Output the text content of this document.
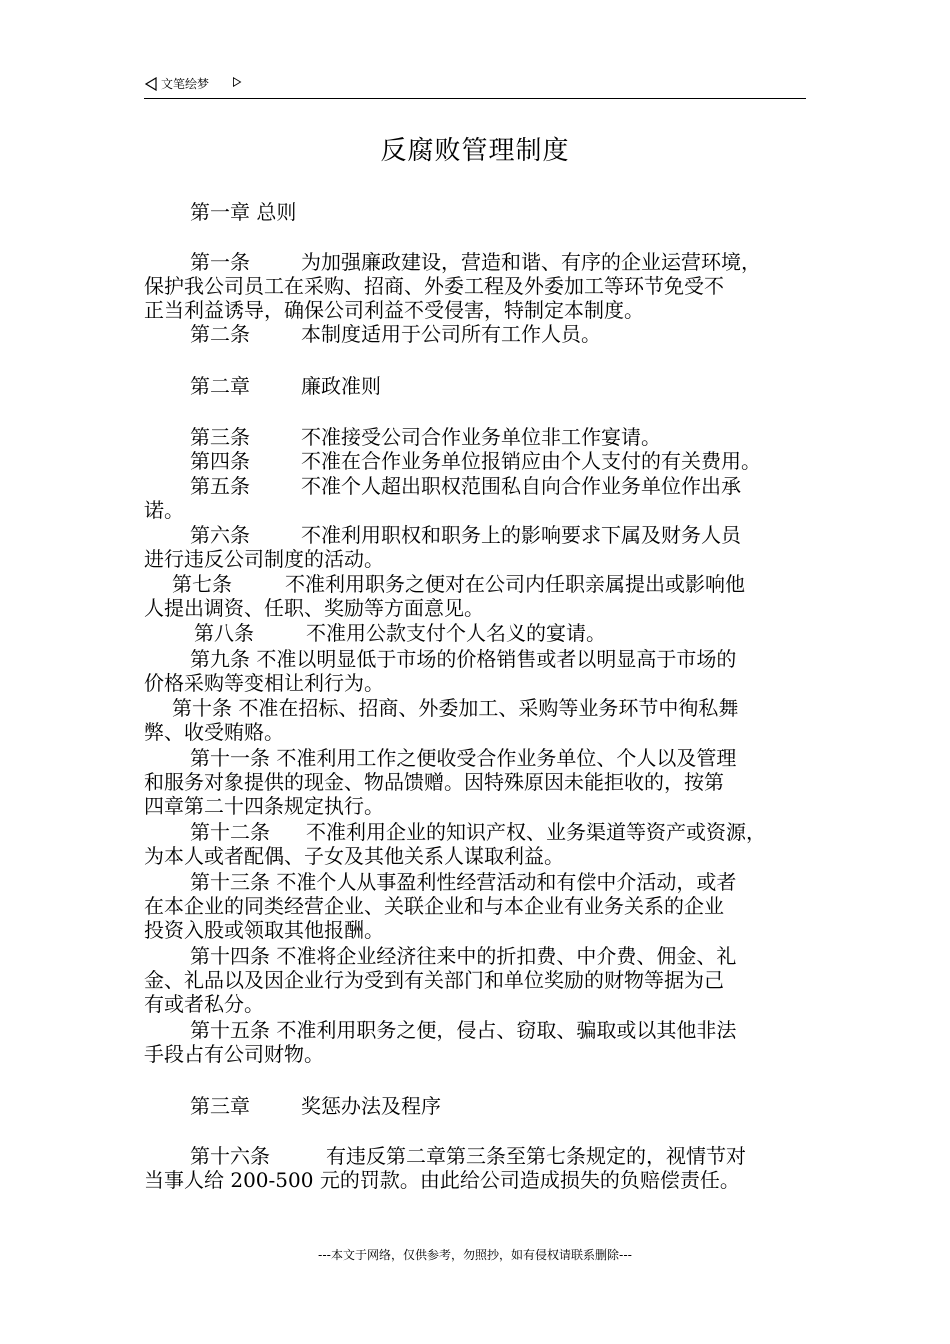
文笔绘梦
反腐败管理制度
第一章 总则
第一条	为加强廉政建设，营造和谐、有序的企业运营环境，
保护我公司员工在采购、招商、外委工程及外委加工等环节免受不
正当利益诱导，确保公司利益不受侵害，特制定本制度。
第二条	本制度适用于公司所有工作人员。
第二章	廉政准则
第三条	不准接受公司合作业务单位非工作宴请。
第四条	不准在合作业务单位报销应由个人支付的有关费用。
第五条	不准个人超出职权范围私自向合作业务单位作出承
诺。
第六条	不准利用职权和职务上的影响要求下属及财务人员
进行违反公司制度的活动。
第七条	不准利用职务之便对在公司内任职亲属提出或影响他
人提出调资、任职、奖励等方面意见。
第八条	不准用公款支付个人名义的宴请。
第九条 不准以明显低于市场的价格销售或者以明显高于市场的
价格采购等变相让利行为。
第十条 不准在招标、招商、外委加工、采购等业务环节中徇私舞
弊、收受贿赂。
第十一条 不准利用工作之便收受合作业务单位、个人以及管理
和服务对象提供的现金、物品馈赠。因特殊原因未能拒收的，按第
四章第二十四条规定执行。
第十二条 不准利用企业的知识产权、业务渠道等资产或资源，
为本人或者配偶、子女及其他关系人谋取利益。
第十三条 不准个人从事盈利性经营活动和有偿中介活动，或者
在本企业的同类经营企业、关联企业和与本企业有业务关系的企业
投资入股或领取其他报酬。
第十四条 不准将企业经济往来中的折扣费、中介费、佣金、礼
金、礼品以及因企业行为受到有关部门和单位奖励的财物等据为己
有或者私分。
第十五条 不准利用职务之便，侵占、窃取、骗取或以其他非法
手段占有公司财物。
第三章	奖惩办法及程序
第十六条	有违反第二章第三条至第七条规定的，视情节对
当事人给 200-500 元的罚款。由此给公司造成损失的负赔偿责任。
---本文于网络，仅供参考，勿照抄，如有侵权请联系删除---
